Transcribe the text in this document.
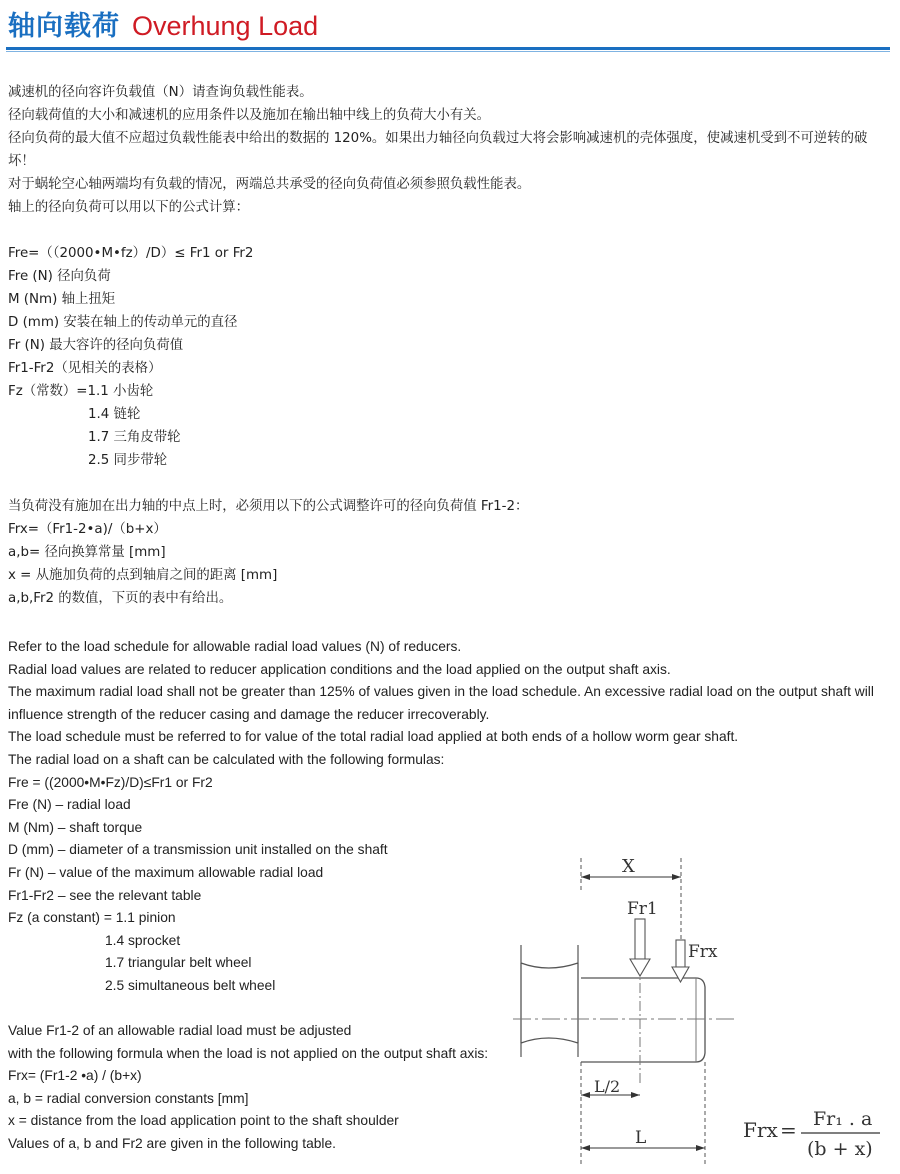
轴向载荷 Overhung Load
减速机的径向容许负载值（N）请查询负载性能表。
径向载荷值的大小和减速机的应用条件以及施加在输出轴中线上的负荷大小有关。
径向负荷的最大值不应超过负载性能表中给出的数据的 120%。如果出力轴径向负载过大将会影响减速机的壳体强度，使减速机受到不可逆转的破坏！
对于蜗轮空心轴两端均有负载的情况，两端总共承受的径向负荷值必须参照负载性能表。
轴上的径向负荷可以用以下的公式计算：
Fre=（（2000•M•fz）/D）≤ Fr1 or Fr2
Fre (N) 径向负荷
M (Nm) 轴上扭矩
D (mm) 安装在轴上的传动单元的直径
Fr (N) 最大容许的径向负荷值
Fr1-Fr2（见相关的表格）
Fz（常数）=1.1 小齿轮
1.4 链轮
1.7 三角皮带轮
2.5 同步带轮
当负荷没有施加在出力轴的中点上时，必须用以下的公式调整许可的径向负荷值 Fr1-2：
Frx=（Fr1-2•a)/（b+x）
a,b= 径向换算常量 [mm]
x = 从施加负荷的点到轴肩之间的距离 [mm]
a,b,Fr2 的数值，下页的表中有给出。
Refer to the load schedule for allowable radial load values (N) of reducers.
Radial load values are related to reducer application conditions and the load applied on the output shaft axis.
The maximum radial load shall not be greater than 125% of values given in the load schedule. An excessive radial load on the output shaft will influence strength of the reducer casing and damage the reducer irrecoverably.
The load schedule must be referred to for value of the total radial load applied at both ends of a hollow worm gear shaft.
The radial load on a shaft can be calculated with the following formulas:
Fre = ((2000•M•Fz)/D)≤Fr1 or Fr2
Fre (N) – radial load
M (Nm) – shaft torque
D (mm) – diameter of a transmission unit installed on the shaft
Fr (N) – value of the maximum allowable radial load
Fr1-Fr2 – see the relevant table
Fz (a constant) = 1.1 pinion
1.4 sprocket
1.7 triangular belt wheel
2.5 simultaneous belt wheel
Value Fr1-2 of an allowable radial load must be adjusted
with the following formula when the load is not applied on the output shaft axis:
Frx= (Fr1-2 •a) / (b+x)
a, b = radial conversion constants [mm]
x = distance from the load application point to the shaft shoulder
Values of a, b and Fr2 are given in the following table.
X
Fr1
Frx
L/2
L	Frx = Fr₁ . a
(b + x)
